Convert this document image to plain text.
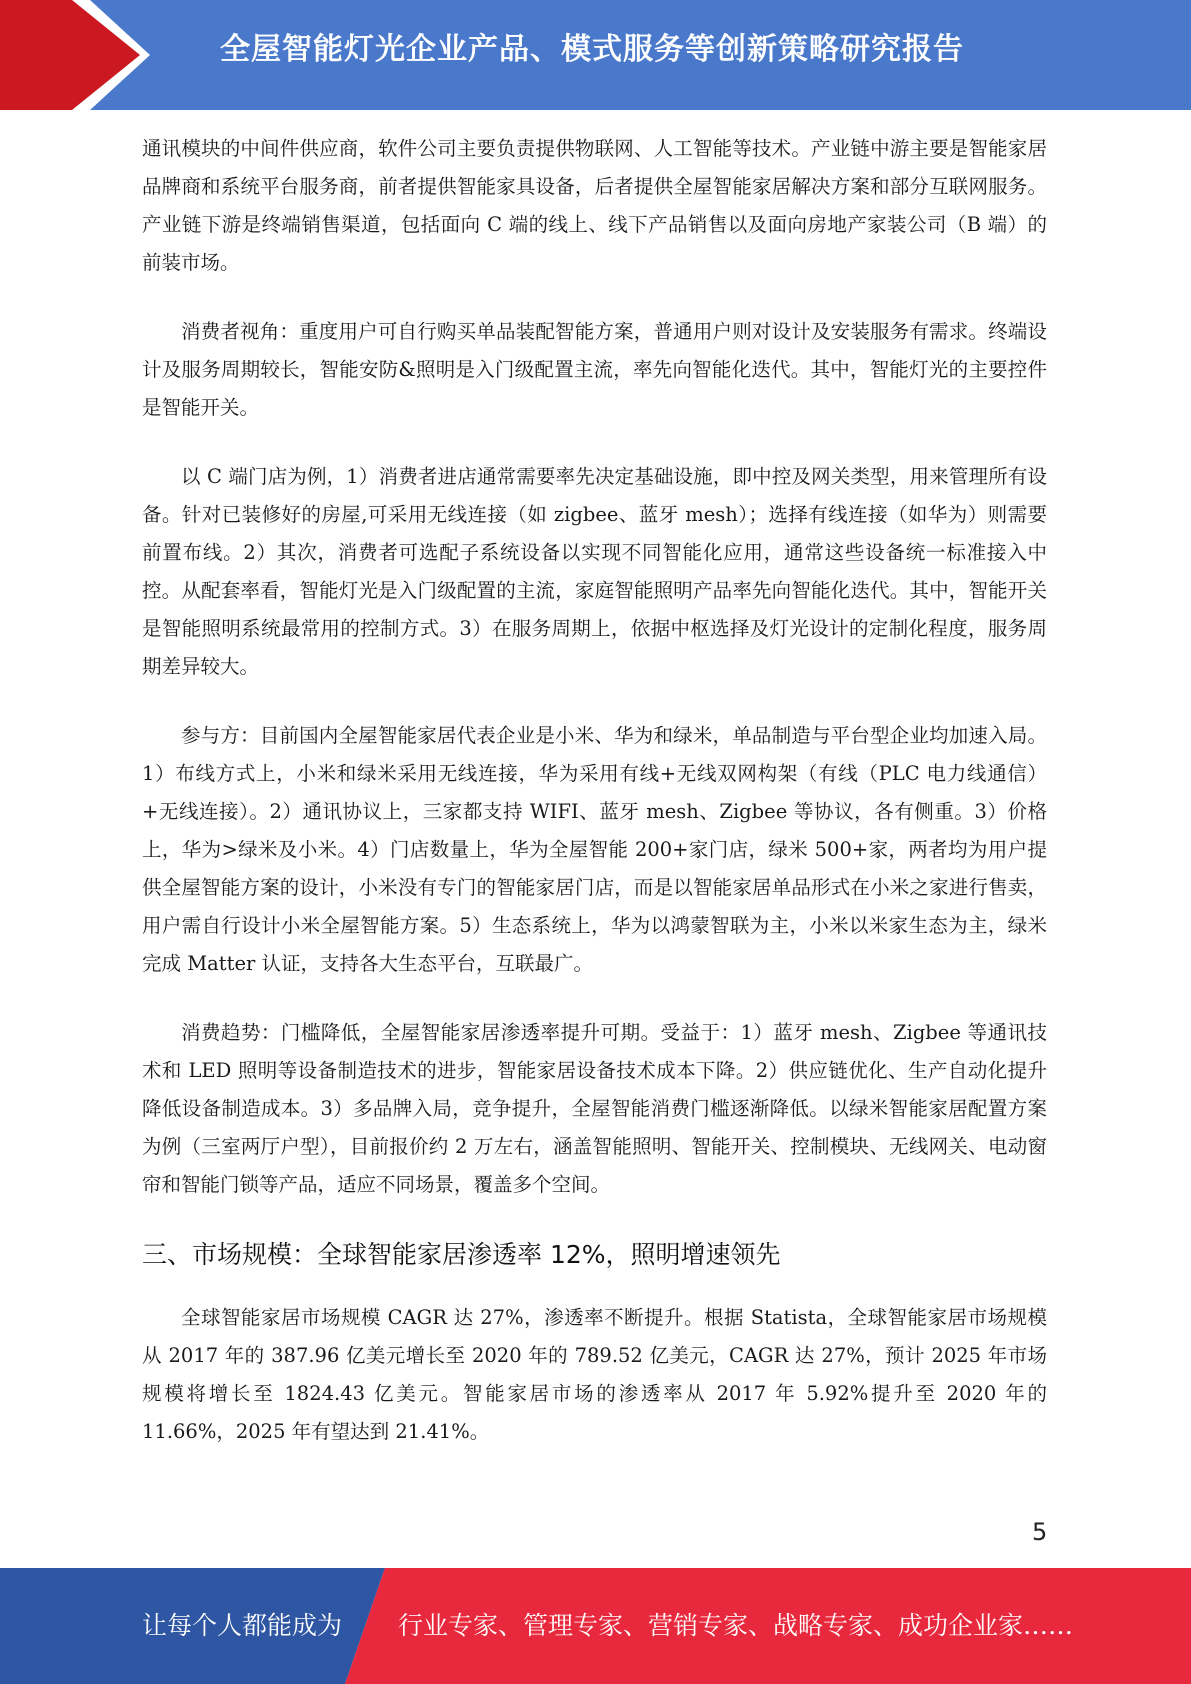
全屋智能灯光企业产品、模式服务等创新策略研究报告

通讯模块的中间件供应商，软件公司主要负责提供物联网、人工智能等技术。产业链中游主要是智能家居品牌商和系统平台服务商，前者提供智能家具设备，后者提供全屋智能家居解决方案和部分互联网服务。产业链下游是终端销售渠道，包括面向 C 端的线上、线下产品销售以及面向房地产家装公司（B 端）的前装市场。

消费者视角：重度用户可自行购买单品装配智能方案，普通用户则对设计及安装服务有需求。终端设计及服务周期较长，智能安防&照明是入门级配置主流，率先向智能化迭代。其中，智能灯光的主要控件是智能开关。

以 C 端门店为例，1）消费者进店通常需要率先决定基础设施，即中控及网关类型，用来管理所有设备。针对已装修好的房屋,可采用无线连接（如 zigbee、蓝牙 mesh）；选择有线连接（如华为）则需要前置布线。2）其次，消费者可选配子系统设备以实现不同智能化应用，通常这些设备统一标准接入中控。从配套率看，智能灯光是入门级配置的主流，家庭智能照明产品率先向智能化迭代。其中，智能开关是智能照明系统最常用的控制方式。3）在服务周期上，依据中枢选择及灯光设计的定制化程度，服务周期差异较大。

参与方：目前国内全屋智能家居代表企业是小米、华为和绿米，单品制造与平台型企业均加速入局。1）布线方式上，小米和绿米采用无线连接，华为采用有线+无线双网构架（有线（PLC 电力线通信）+无线连接）。2）通讯协议上，三家都支持 WIFI、蓝牙 mesh、Zigbee 等协议，各有侧重。3）价格上，华为>绿米及小米。4）门店数量上，华为全屋智能 200+家门店，绿米 500+家，两者均为用户提供全屋智能方案的设计，小米没有专门的智能家居门店，而是以智能家居单品形式在小米之家进行售卖，用户需自行设计小米全屋智能方案。5）生态系统上，华为以鸿蒙智联为主，小米以米家生态为主，绿米完成 Matter 认证，支持各大生态平台，互联最广。

消费趋势：门槛降低，全屋智能家居渗透率提升可期。受益于：1）蓝牙 mesh、Zigbee 等通讯技术和 LED 照明等设备制造技术的进步，智能家居设备技术成本下降。2）供应链优化、生产自动化提升降低设备制造成本。3）多品牌入局，竞争提升，全屋智能消费门槛逐渐降低。以绿米智能家居配置方案为例（三室两厅户型），目前报价约 2 万左右，涵盖智能照明、智能开关、控制模块、无线网关、电动窗帘和智能门锁等产品，适应不同场景，覆盖多个空间。

三、市场规模：全球智能家居渗透率 12%，照明增速领先

全球智能家居市场规模 CAGR 达 27%，渗透率不断提升。根据 Statista，全球智能家居市场规模从 2017 年的 387.96 亿美元增长至 2020 年的 789.52 亿美元，CAGR 达 27%，预计 2025 年市场规模将增长至 1824.43 亿美元。智能家居市场的渗透率从 2017 年 5.92%提升至 2020 年的 11.66%，2025 年有望达到 21.41%。

5
让每个人都能成为 行业专家、管理专家、营销专家、战略专家、成功企业家……
